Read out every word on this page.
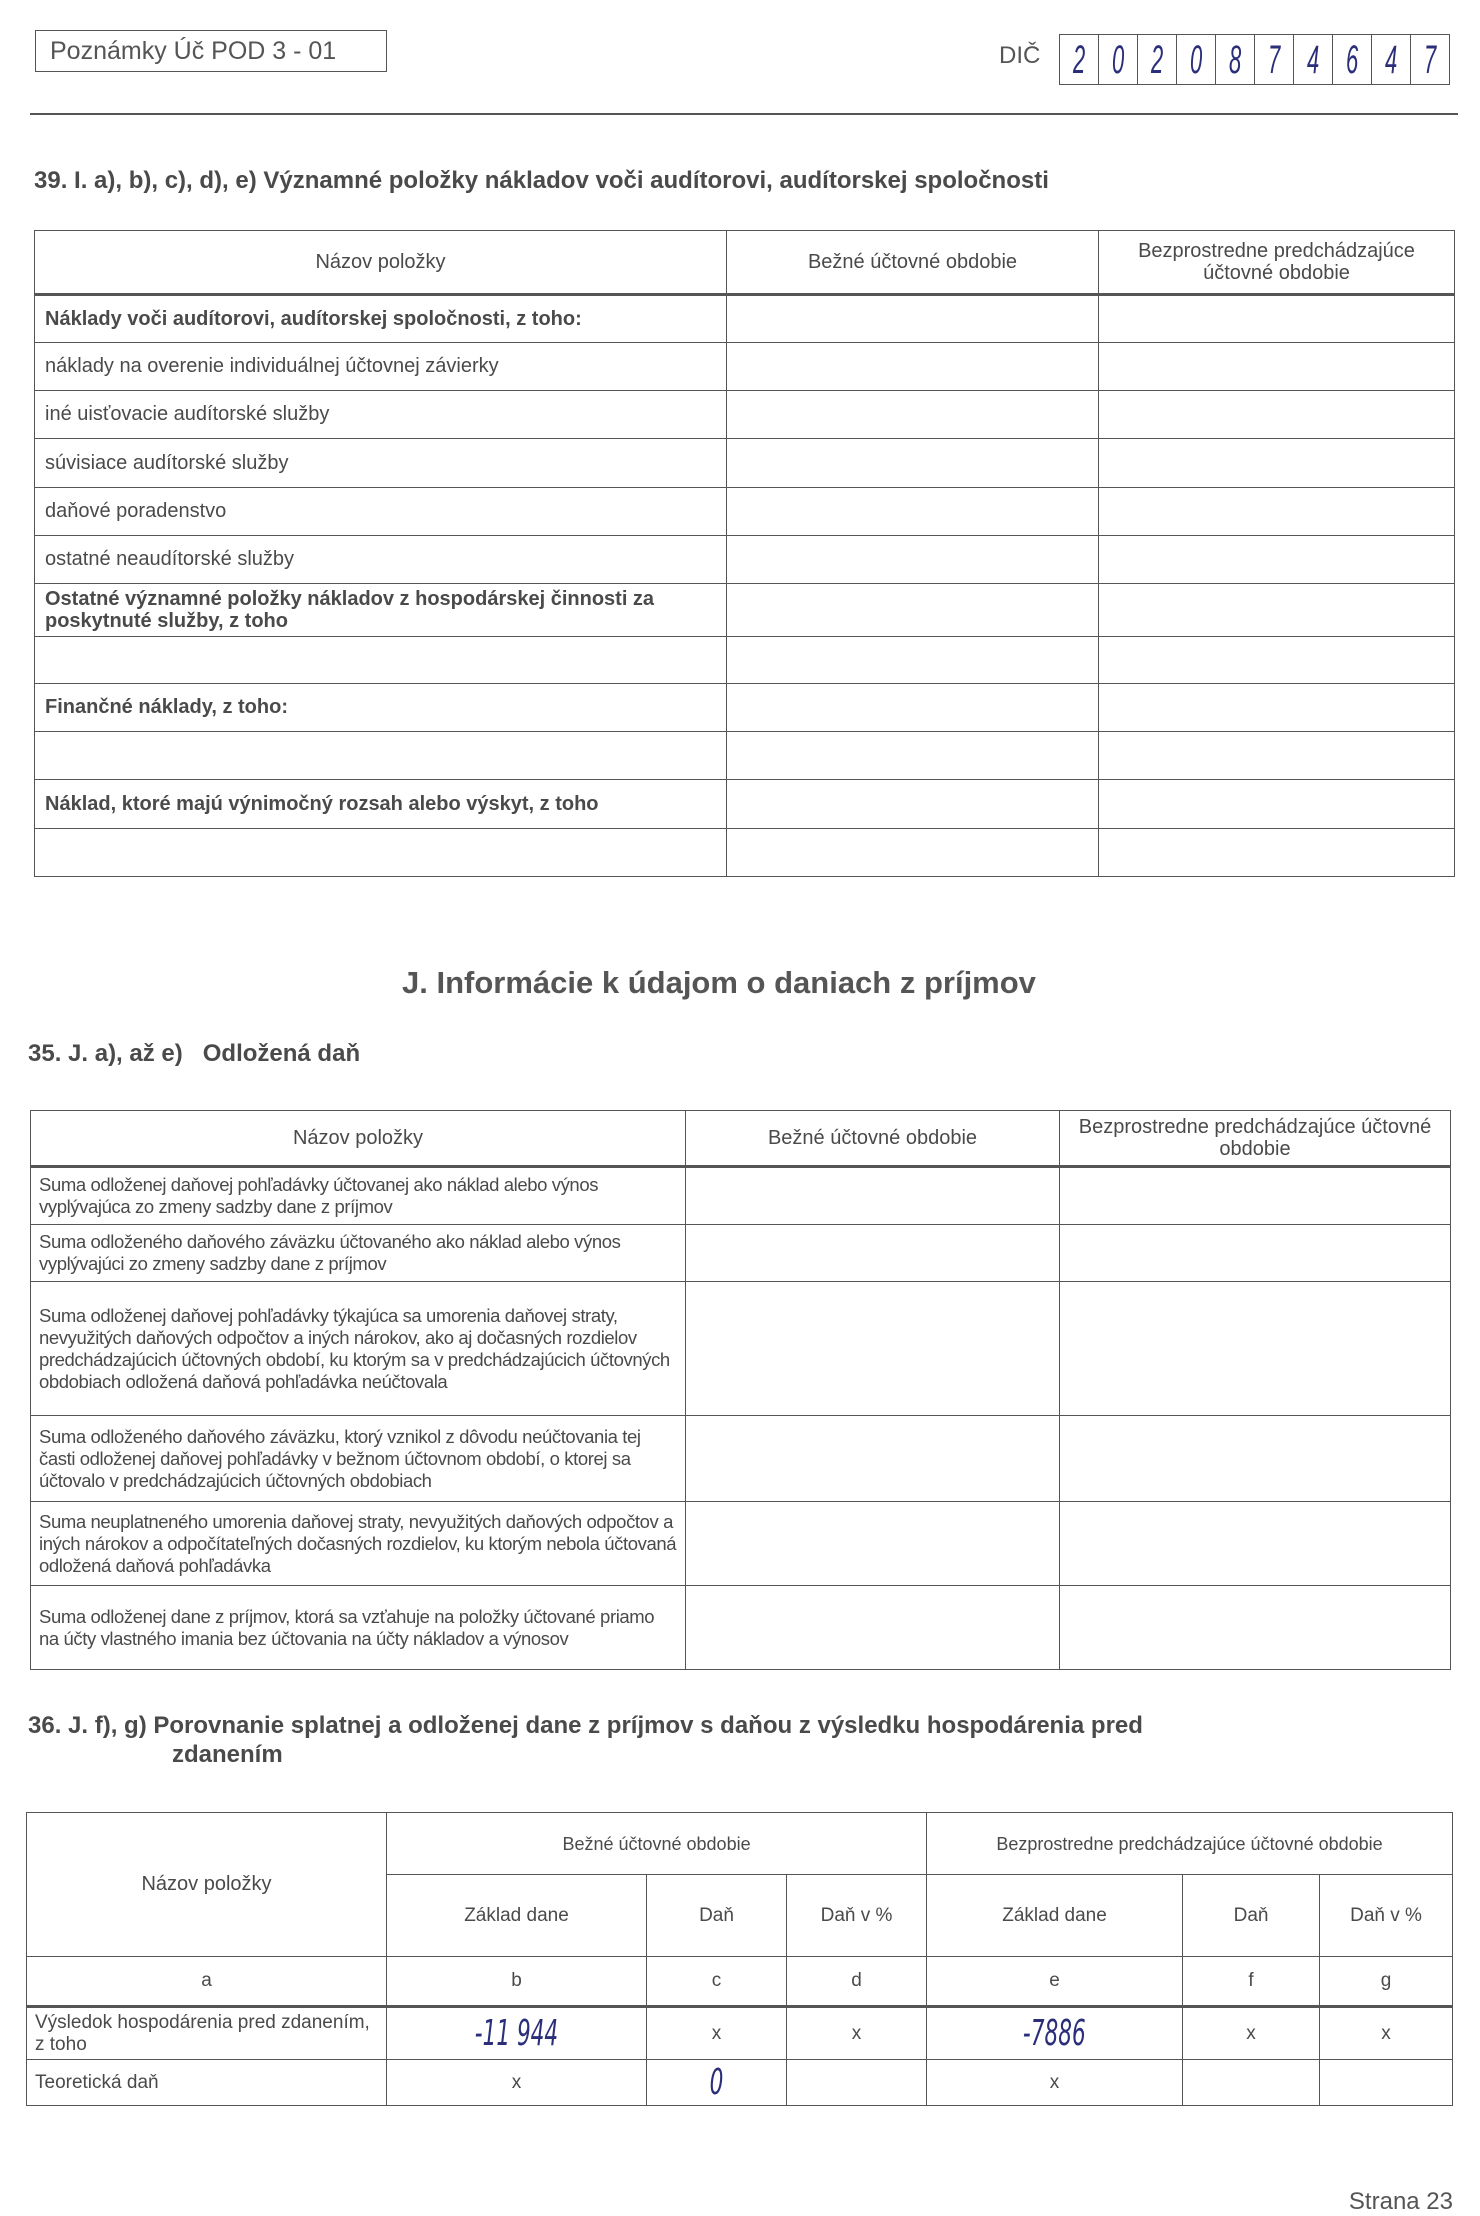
Poznámky Úč POD 3 - 01	DIČ 2 0 2 0 8 7 4 6 4 7
39. I. a), b), c), d), e) Významné položky nákladov voči audítorovi, audítorskej spoločnosti
Názov položky	Bežné účtovné obdobie	Bezprostredne predchádzajúce účtovné obdobie
Náklady voči audítorovi, audítorskej spoločnosti, z toho:		
náklady na overenie individuálnej účtovnej závierky		
iné uisťovacie audítorské služby		
súvisiace audítorské služby		
daňové poradenstvo		
ostatné neaudítorské služby		
Ostatné významné položky nákladov z hospodárskej činnosti za poskytnuté služby, z toho		

Finančné náklady, z toho:		

Náklad, ktoré majú výnimočný rozsah alebo výskyt, z toho		

J. Informácie k údajom o daniach z príjmov
35. J. a), až e)   Odložená daň
Názov položky	Bežné účtovné obdobie	Bezprostredne predchádzajúce účtovné obdobie
Suma odloženej daňovej pohľadávky účtovanej ako náklad alebo výnos vyplývajúca zo zmeny sadzby dane z príjmov		
Suma odloženého daňového záväzku účtovaného ako náklad alebo výnos vyplývajúci zo zmeny sadzby dane z príjmov		
Suma odloženej daňovej pohľadávky týkajúca sa umorenia daňovej straty, nevyužitých daňových odpočtov a iných nárokov, ako aj dočasných rozdielov predchádzajúcich účtovných období, ku ktorým sa v predchádzajúcich účtovných obdobiach odložená daňová pohľadávka neúčtovala		
Suma odloženého daňového záväzku, ktorý vznikol z dôvodu neúčtovania tej časti odloženej daňovej pohľadávky v bežnom účtovnom období, o ktorej sa účtovalo v predchádzajúcich účtovných obdobiach		
Suma neuplatneného umorenia daňovej straty, nevyužitých daňových odpočtov a iných nárokov a odpočítateľných dočasných rozdielov, ku ktorým nebola účtovaná odložená daňová pohľadávka		
Suma odloženej dane z príjmov, ktorá sa vzťahuje na položky účtované priamo na účty vlastného imania bez účtovania na účty nákladov a výnosov		
36. J. f), g) Porovnanie splatnej a odloženej dane z príjmov s daňou z výsledku hospodárenia pred
zdanením
Názov položky	Bežné účtovné obdobie			Bezprostredne predchádzajúce účtovné obdobie		
	Základ dane	Daň	Daň v %	Základ dane	Daň	Daň v %
a	b	c	d	e	f	g
Výsledok hospodárenia pred zdanením, z toho	-11 944	x	x	-7886	x	x
Teoretická daň	x	0		x		
Strana 23
